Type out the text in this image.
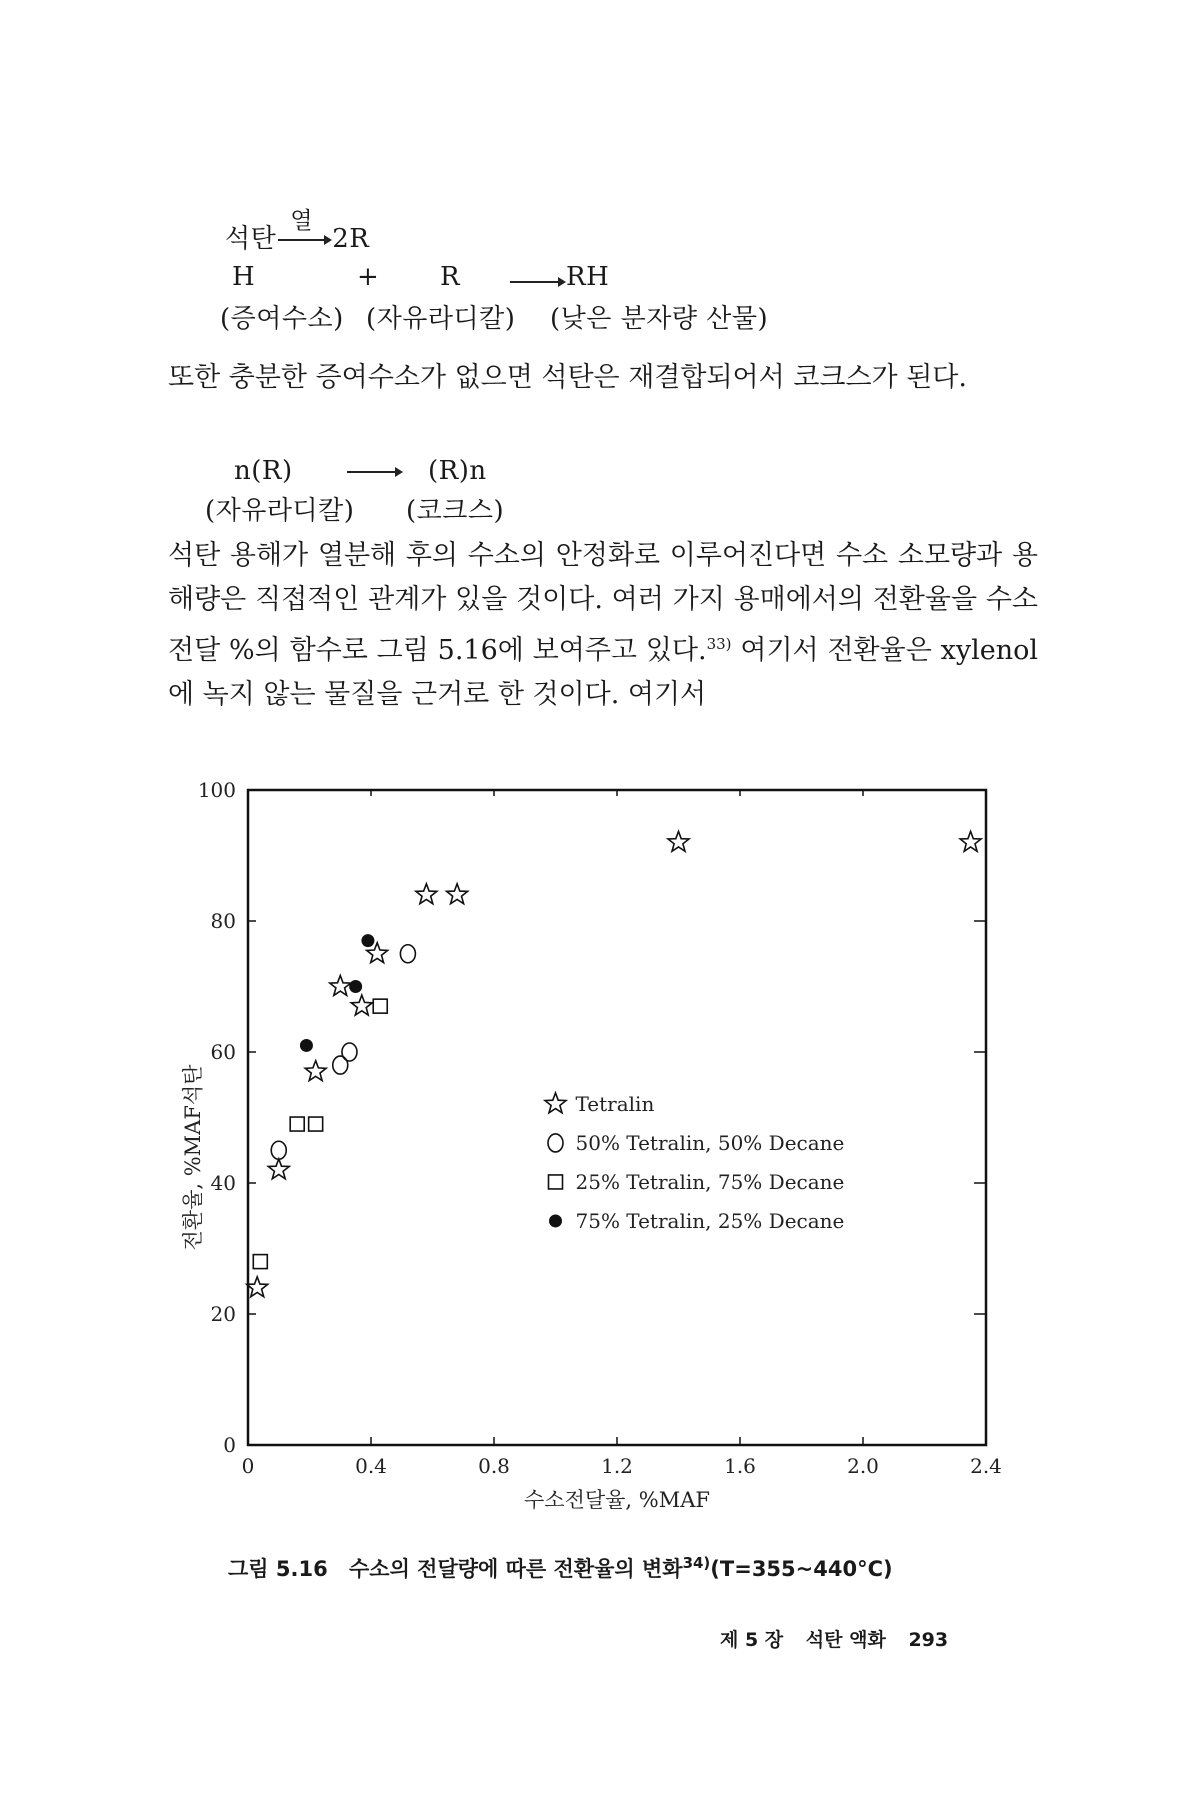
석탄
열
2R
H	+ R	RH
(증여수소) (자유라디칼) (낮은 분자량 산물)
또한 충분한 증여수소가 없으면 석탄은 재결합되어서 코크스가 된다.
n(R)	(R)n
(자유라디칼) (코크스)
석탄 용해가 열분해 후의 수소의 안정화로 이루어진다면 수소 소모량과 용해량은 직접적인 관계가 있을 것이다. 여러 가지 용매에서의 전환율을 수소전달 %의 함수로 그림 5.16에 보여주고 있다.$^{33)}$ 여기서 전환율은 xylenol에 녹지 않는 물질을 근거로 한 것이다. 여기서
0	0.4	0.8	1.2	1.6	2.0	2.4
0
20
40
60
80
100
수소전달율, %MAF
전환율, %MAF석탄	Tetralin
50% Tetralin, 50% Decane
25% Tetralin, 75% Decane
75% Tetralin, 25% Decane
그림 5.16 수소의 전달량에 따른 전환율의 변화$^{34)}$(T=355~440°C)
제 5 장 석탄 액화 293
